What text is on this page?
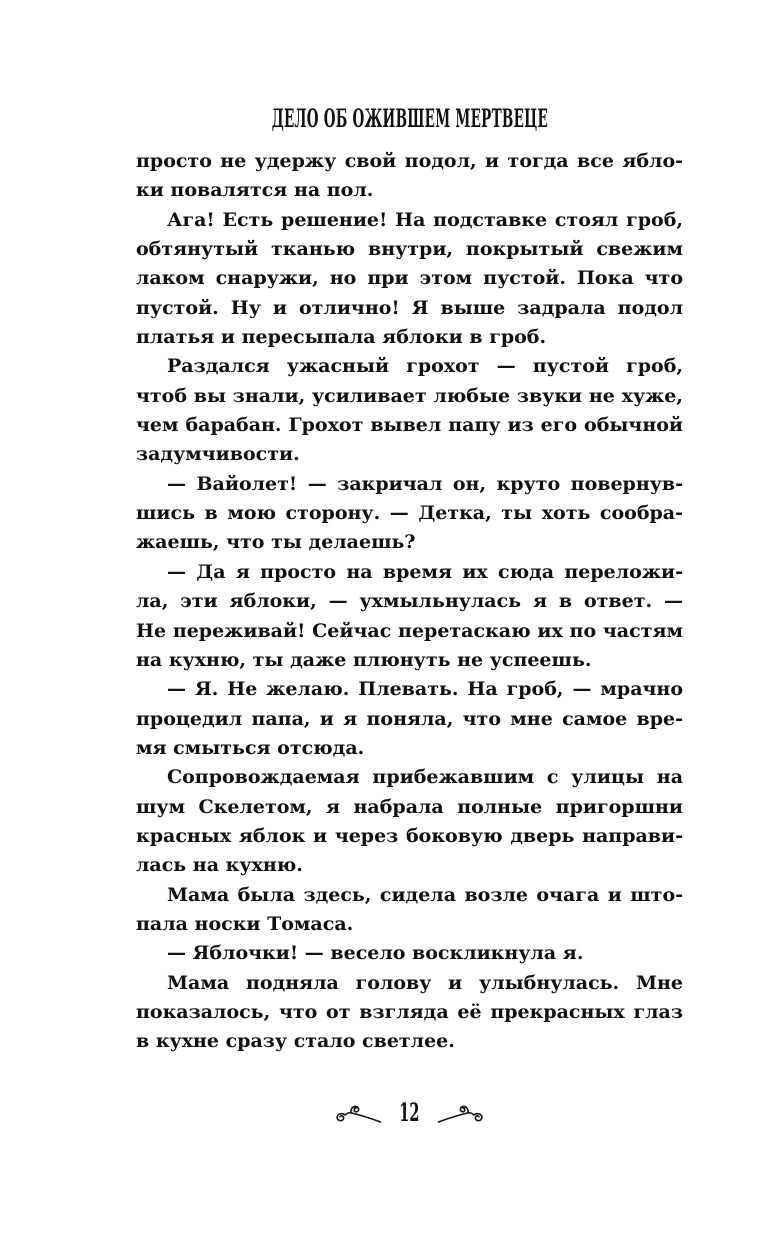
ДЕЛО ОБ ОЖИВШЕМ МЕРТВЕЦЕ
просто не удержу свой подол, и тогда все ябло-
ки повалятся на пол.
Ага! Есть решение! На подставке стоял гроб,
обтянутый тканью внутри, покрытый свежим
лаком снаружи, но при этом пустой. Пока что
пустой. Ну и отлично! Я выше задрала подол
платья и пересыпала яблоки в гроб.
Раздался ужасный грохот — пустой гроб,
чтоб вы знали, усиливает любые звуки не хуже,
чем барабан. Грохот вывел папу из его обычной
задумчивости.
— Вайолет! — закричал он, круто повернув-
шись в мою сторону. — Детка, ты хоть сообра-
жаешь, что ты делаешь?
— Да я просто на время их сюда переложи-
ла, эти яблоки, — ухмыльнулась я в ответ. —
Не переживай! Сейчас перетаскаю их по частям
на кухню, ты даже плюнуть не успеешь.
— Я. Не желаю. Плевать. На гроб, — мрачно
процедил папа, и я поняла, что мне самое вре-
мя смыться отсюда.
Сопровождаемая прибежавшим с улицы на
шум Скелетом, я набрала полные пригоршни
красных яблок и через боковую дверь направи-
лась на кухню.
Мама была здесь, сидела возле очага и што-
пала носки Томаса.
— Яблочки! — весело воскликнула я.
Мама подняла голову и улыбнулась. Мне
показалось, что от взгляда её прекрасных глаз
в кухне сразу стало светлее.
12
